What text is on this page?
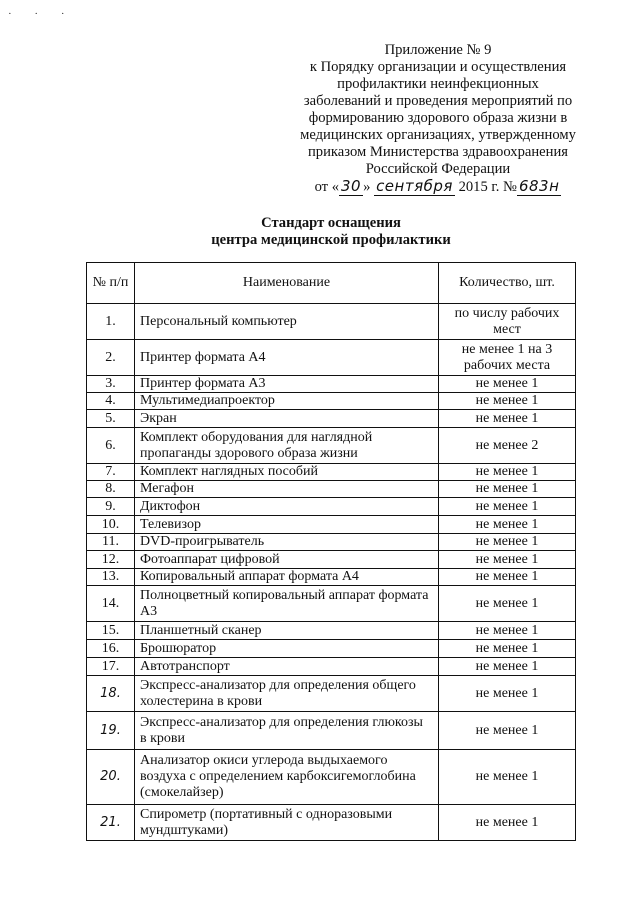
· · ·
Приложение № 9
к Порядку организации и осуществления
профилактики неинфекционных
заболеваний и проведения мероприятий по
формированию здорового образа жизни в
медицинских организациях, утвержденному
приказом Министерства здравоохранения
Российской Федерации
от « 30 » сентября 2015 г. № 683н
Стандарт оснащения
центра медицинской профилактики
№ п/п	Наименование	Количество, шт.
1.	Персональный компьютер	по числу рабочих мест
2.	Принтер формата А4	не менее 1 на 3 рабочих места
3.	Принтер формата А3	не менее 1
4.	Мультимедиапроектор	не менее 1
5.	Экран	не менее 1
6.	Комплект оборудования для наглядной пропаганды здорового образа жизни	не менее 2
7.	Комплект наглядных пособий	не менее 1
8.	Мегафон	не менее 1
9.	Диктофон	не менее 1
10.	Телевизор	не менее 1
11.	DVD-проигрыватель	не менее 1
12.	Фотоаппарат цифровой	не менее 1
13.	Копировальный аппарат формата А4	не менее 1
14.	Полноцветный копировальный аппарат формата А3	не менее 1
15.	Планшетный сканер	не менее 1
16.	Брошюратор	не менее 1
17.	Автотранспорт	не менее 1
18.	Экспресс-анализатор для определения общего холестерина в крови	не менее 1
19.	Экспресс-анализатор для определения глюкозы в крови	не менее 1
20.	Анализатор окиси углерода выдыхаемого воздуха с определением карбоксигемоглобина (смокелайзер)	не менее 1
21.	Спирометр (портативный с одноразовыми мундштуками)	не менее 1
